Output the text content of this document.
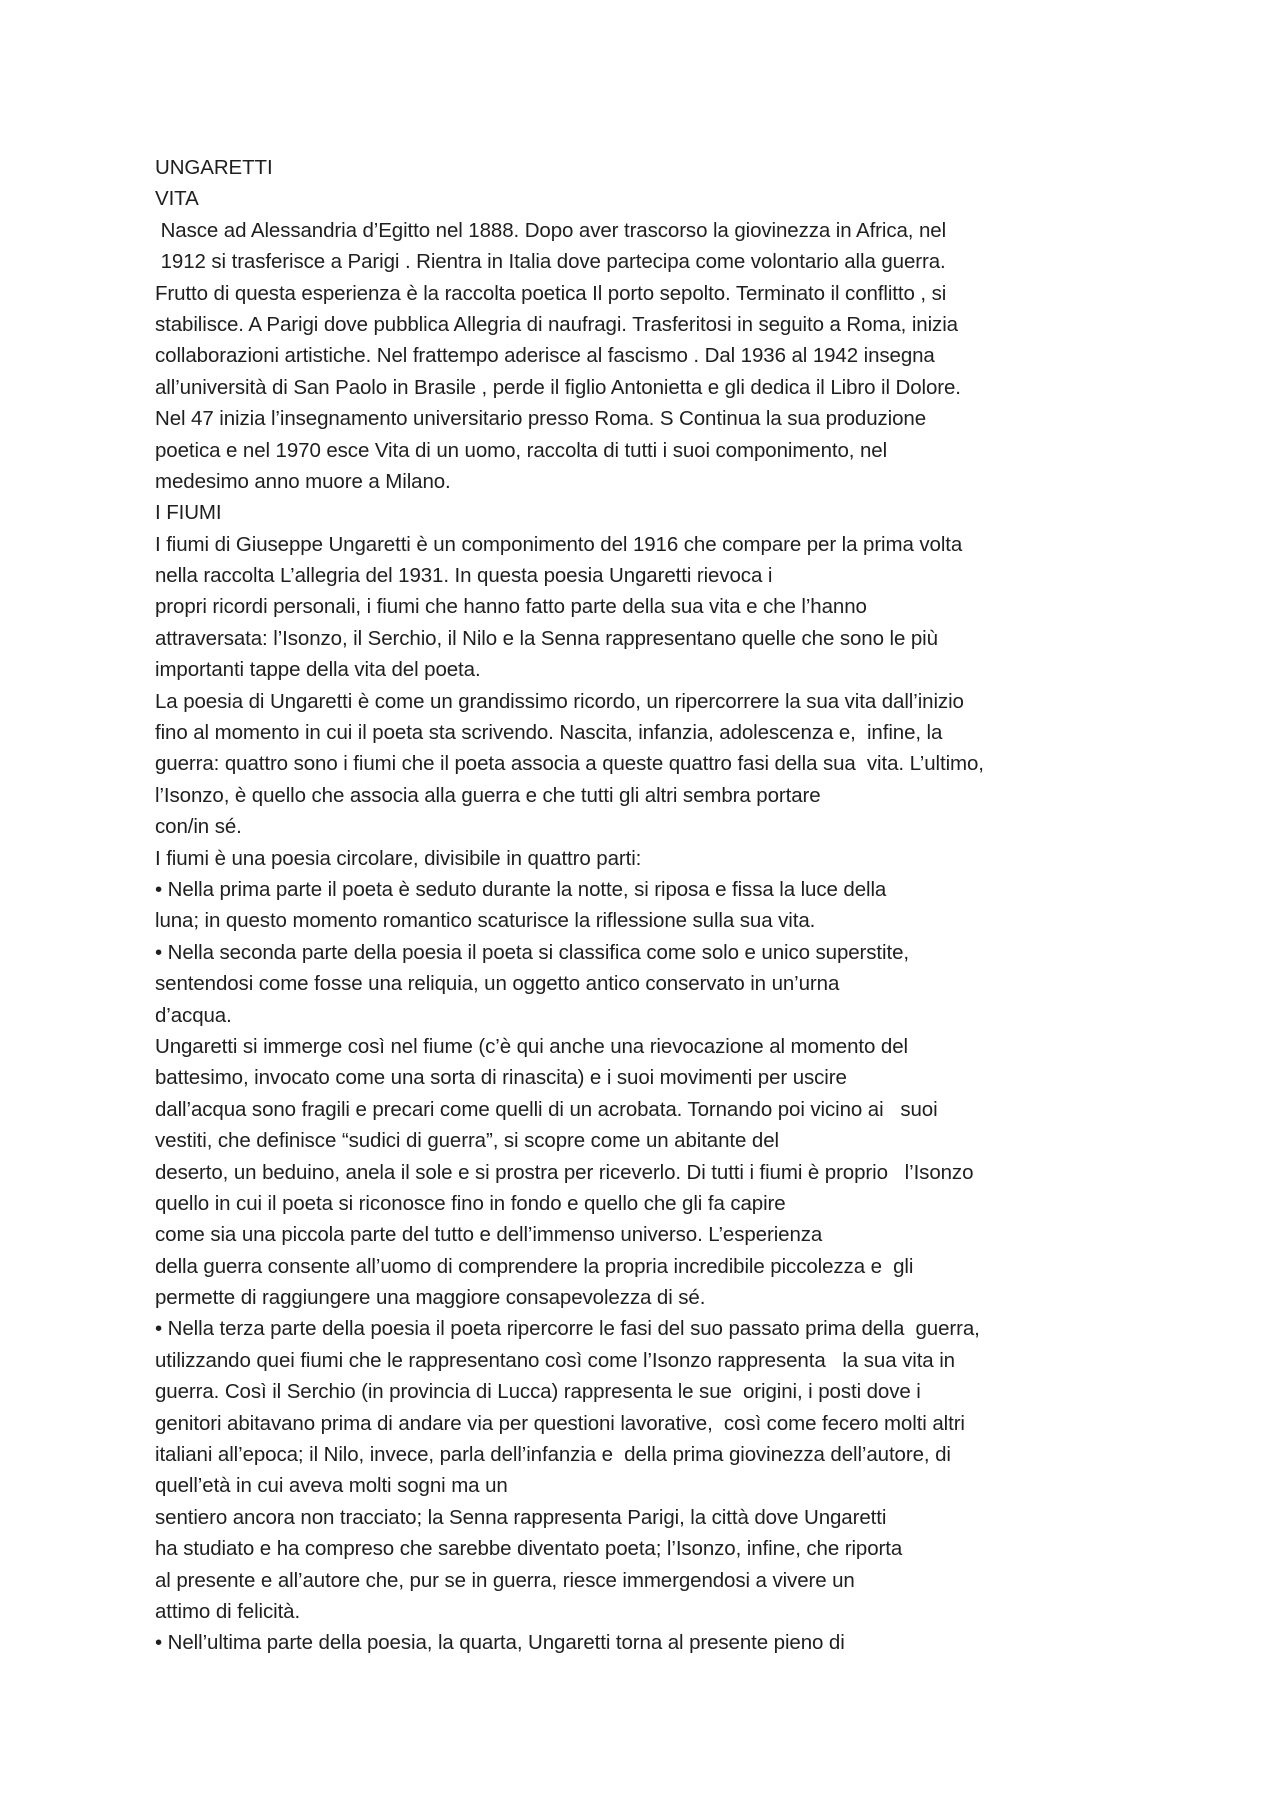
UNGARETTI
VITA
Nasce ad Alessandria d’Egitto nel 1888. Dopo aver trascorso la giovinezza in Africa, nel
1912 si trasferisce a Parigi . Rientra in Italia dove partecipa come volontario alla guerra.
Frutto di questa esperienza è la raccolta poetica Il porto sepolto. Terminato il conflitto , si
stabilisce. A Parigi dove pubblica Allegria di naufragi. Trasferitosi in seguito a Roma, inizia
collaborazioni artistiche. Nel frattempo aderisce al fascismo . Dal 1936 al 1942 insegna
all’università di San Paolo in Brasile , perde il figlio Antonietta e gli dedica il Libro il Dolore.
Nel 47 inizia l’insegnamento universitario presso Roma. S Continua la sua produzione
poetica e nel 1970 esce Vita di un uomo, raccolta di tutti i suoi componimento, nel
medesimo anno muore a Milano.
I FIUMI
I fiumi di Giuseppe Ungaretti è un componimento del 1916 che compare per la prima volta
nella raccolta L’allegria del 1931. In questa poesia Ungaretti rievoca i
propri ricordi personali, i fiumi che hanno fatto parte della sua vita e che l’hanno
attraversata: l’Isonzo, il Serchio, il Nilo e la Senna rappresentano quelle che sono le più
importanti tappe della vita del poeta.
La poesia di Ungaretti è come un grandissimo ricordo, un ripercorrere la sua vita dall’inizio
fino al momento in cui il poeta sta scrivendo. Nascita, infanzia, adolescenza e,  infine, la
guerra: quattro sono i fiumi che il poeta associa a queste quattro fasi della sua  vita. L’ultimo,
l’Isonzo, è quello che associa alla guerra e che tutti gli altri sembra portare
con/in sé.
I fiumi è una poesia circolare, divisibile in quattro parti:
• Nella prima parte il poeta è seduto durante la notte, si riposa e fissa la luce della
luna; in questo momento romantico scaturisce la riflessione sulla sua vita.
• Nella seconda parte della poesia il poeta si classifica come solo e unico superstite,
sentendosi come fosse una reliquia, un oggetto antico conservato in un’urna
d’acqua.
Ungaretti si immerge così nel fiume (c’è qui anche una rievocazione al momento del
battesimo, invocato come una sorta di rinascita) e i suoi movimenti per uscire
dall’acqua sono fragili e precari come quelli di un acrobata. Tornando poi vicino ai   suoi
vestiti, che definisce “sudici di guerra”, si scopre come un abitante del
deserto, un beduino, anela il sole e si prostra per riceverlo. Di tutti i fiumi è proprio   l’Isonzo
quello in cui il poeta si riconosce fino in fondo e quello che gli fa capire
come sia una piccola parte del tutto e dell’immenso universo. L’esperienza
della guerra consente all’uomo di comprendere la propria incredibile piccolezza e  gli
permette di raggiungere una maggiore consapevolezza di sé.
• Nella terza parte della poesia il poeta ripercorre le fasi del suo passato prima della  guerra,
utilizzando quei fiumi che le rappresentano così come l’Isonzo rappresenta   la sua vita in
guerra. Così il Serchio (in provincia di Lucca) rappresenta le sue  origini, i posti dove i
genitori abitavano prima di andare via per questioni lavorative,  così come fecero molti altri
italiani all’epoca; il Nilo, invece, parla dell’infanzia e  della prima giovinezza dell’autore, di
quell’età in cui aveva molti sogni ma un
sentiero ancora non tracciato; la Senna rappresenta Parigi, la città dove Ungaretti
ha studiato e ha compreso che sarebbe diventato poeta; l’Isonzo, infine, che riporta
al presente e all’autore che, pur se in guerra, riesce immergendosi a vivere un
attimo di felicità.
• Nell’ultima parte della poesia, la quarta, Ungaretti torna al presente pieno di
